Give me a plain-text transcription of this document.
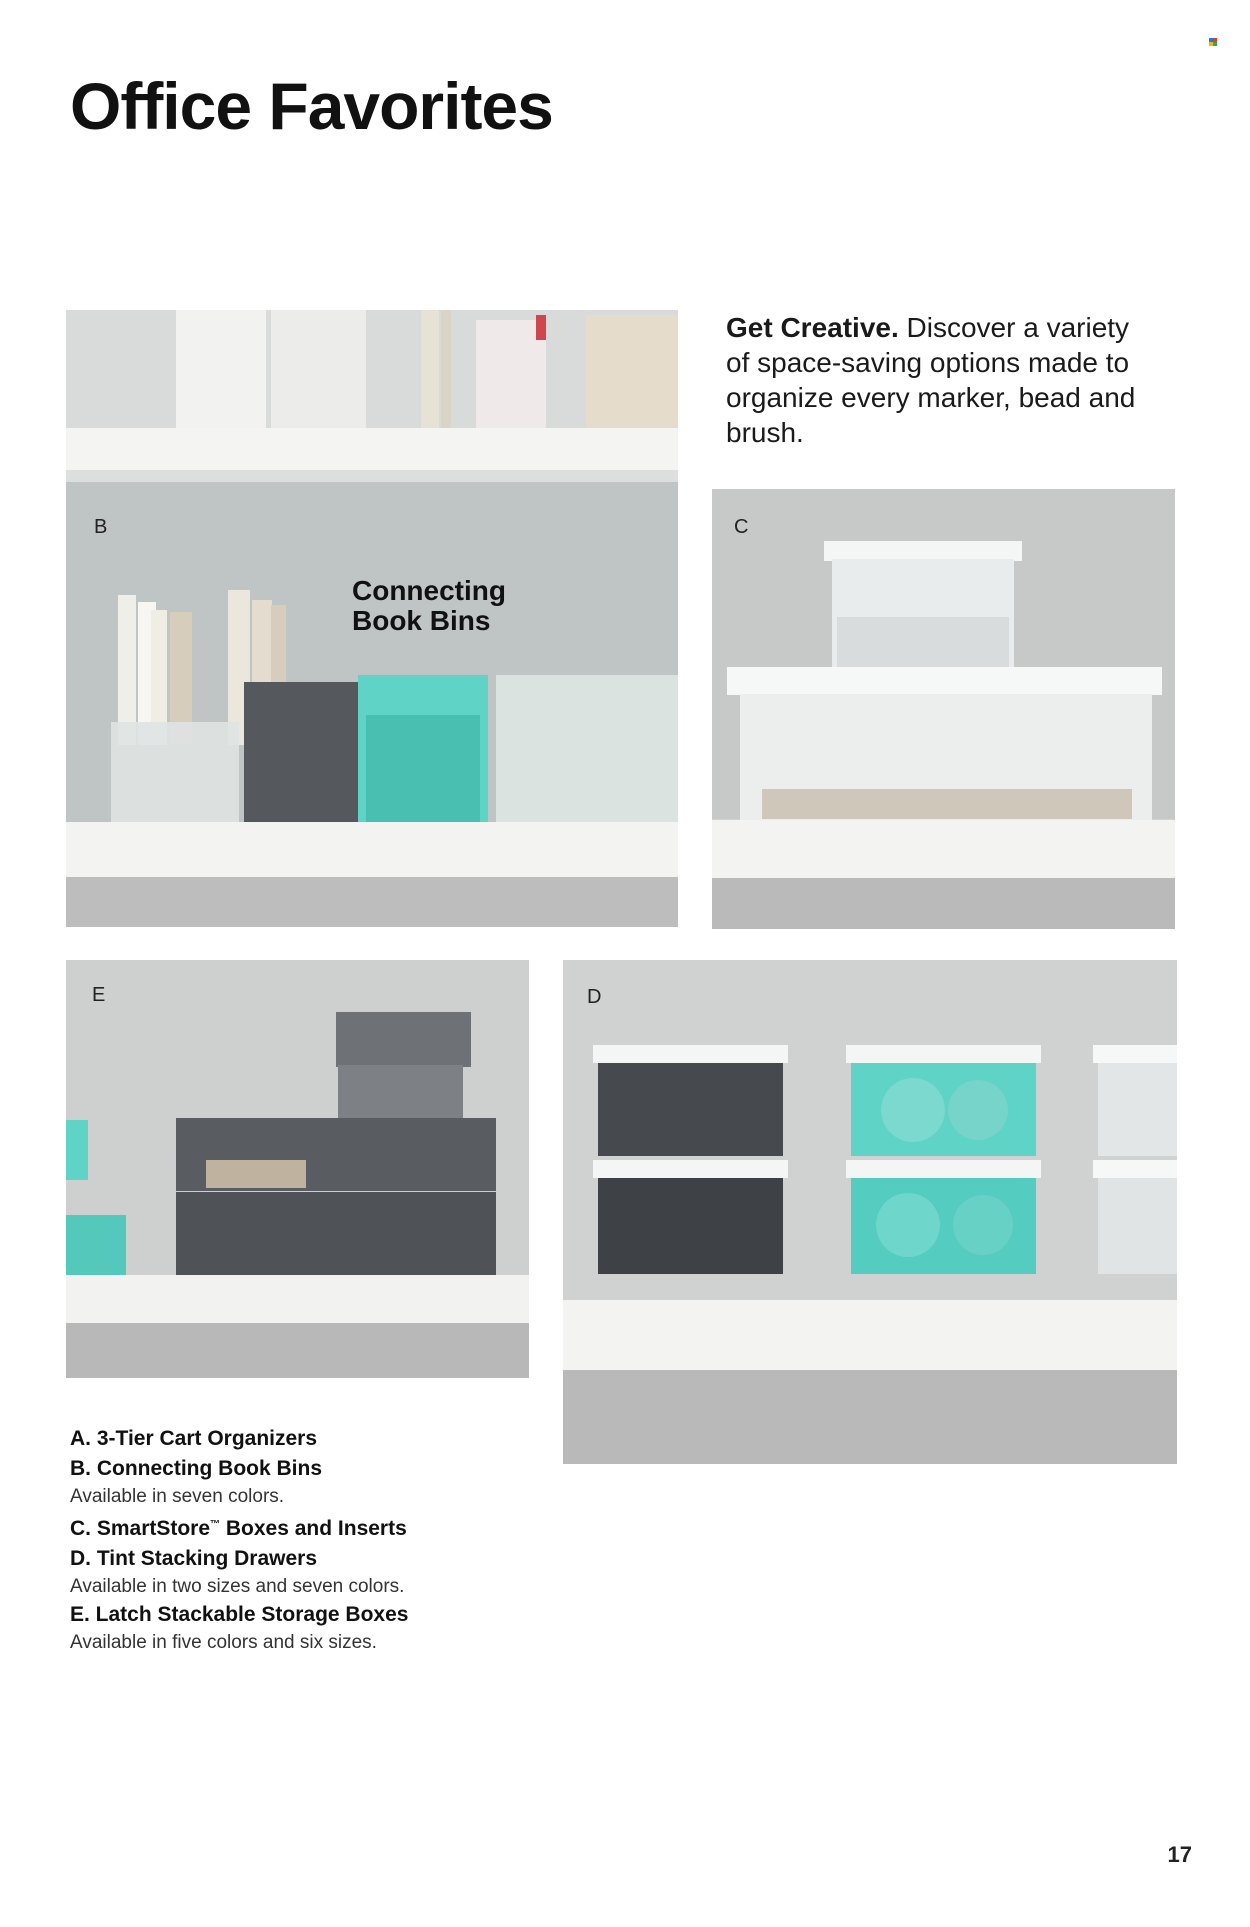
Office Favorites
Get Creative. Discover a variety of space-saving options made to organize every marker, bead and brush.
B
Connecting
Book Bins
C
E	D
A. 3-Tier Cart Organizers
B. Connecting Book Bins
Available in seven colors.
C. SmartStore™ Boxes and Inserts
D. Tint Stacking Drawers
Available in two sizes and seven colors.
E. Latch Stackable Storage Boxes
Available in five colors and six sizes.
17
